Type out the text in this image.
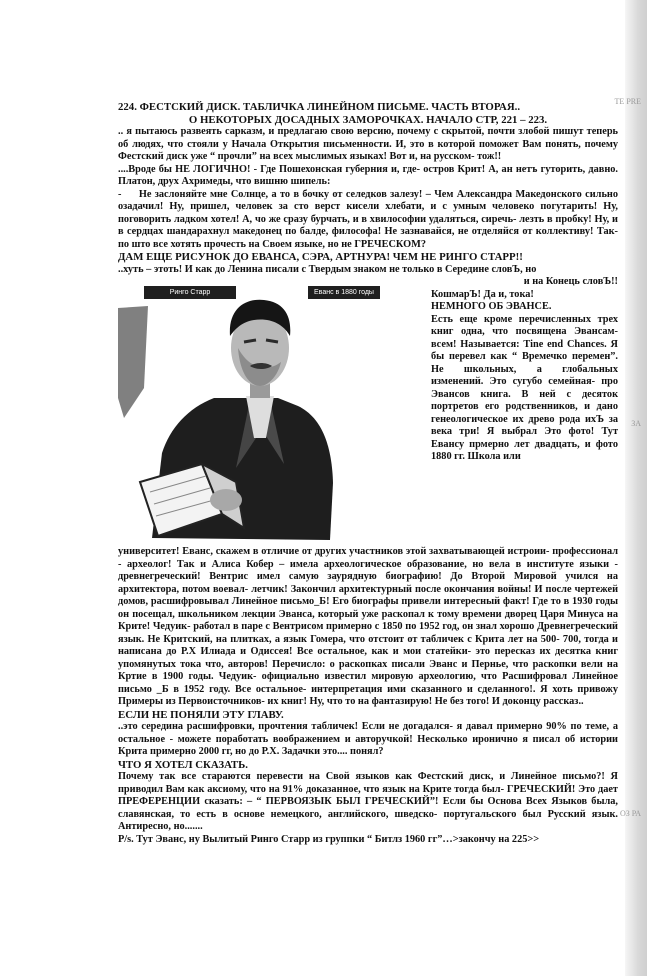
TE PRE
ЗА
ОЗ РА

224. ФЕСТСКИЙ ДИСК. ТАБЛИЧКА ЛИНЕЙНОМ ПИСЬМЕ. ЧАСТЬ ВТОРАЯ..

О НЕКОТОРЫХ ДОСАДНЫХ ЗАМОРОЧКАХ. НАЧАЛО СТР, 221 – 223.

.. я пытаюсь развеять сарказм, и предлагаю свою версию, почему с скрытой, почти злобой пишут теперь об людях, что стояли у Начала Открытия письменности. И, это в которой поможет Вам понять, почему Фестский диск уже “ прочли” на всех мыслимых языках! Вот и, на русском- тож!!

....Вроде бы НЕ ЛОГИЧНО! - Где Пошехонская губерния и, где- остров Крит! А, ан нетъ гуторить, давно. Платон, друх Ахримеды, что вишню шипель:

- Не заслоняйте мне Солнце, а то в бочку от селедков залезу! – Чем Александра Македонского сильно озадачил! Ну, пришел, человек за сто верст кисели хлебати, и с умным человеко погутарить! Ну, поговорить ладком хотел! А, чо же сразу бурчать, и в хвилософии удаляться, сиречь- лезть в пробку! Ну, и в сердцах шандарахнул македонец по балде, философа! Не зазнавайся, не отделяйся от коллективу! Так- по што все хотять прочесть на Своем языке, но не ГРЕЧЕСКОМ?

ДАМ ЕЩЕ РИСУНОК ДО ЕВАНСА, СЭРА, АРТНУРА! ЧЕМ НЕ РИНГО СТАРР!!

..хуть – этоть! И как до Ленина писали с Твердым знаком не только в Середине словЪ, но

Ринго Старр	Еванс в 1880 годы

и на Конець словЪ!!

КошмарЪ! Да и, тока!

НЕМНОГО ОБ ЭВАНСЕ.

Есть еще кроме перечисленных трех книг одна, что посвящена Эвансам- всем! Называется: Tine end Chances. Я бы перевел как “ Времечко перемен”. Не школьных, а глобальных изменений. Это сугубо семейная- про Эвансов книга. В ней с десяток портретов его родственников, и дано генеологическое их древо рода ихЪ за века три! Я выбрал Это фото! Тут Евансу прмерно лет двадцать, и фото 1880 гг. Школа или

университет! Еванс, скажем в отличие от других участников этой захватывающей истроии- профессионал - археолог! Так и Алиса Кобер – имела археологическое образование, но вела в институте языки - древнегреческий! Вентрис имел самую заурядную биографию! До Второй Мировой учился на архитектора, потом воевал- летчик! Закончил архитектурный после окончания войны! И после чертежей домов, расшифровывал Линейное письмо_Б! Его биографы привели интересный факт! Где то в 1930 годы он посещал, школьником лекции Эванса, который уже раскопал к тому времени дворец Царя Минуса на Крите! Чедуик- работал в паре с Вентрисом примерно с 1850 по 1952 год, он знал хорошо Древнегреческий язык. Не Критский, на плитках, а язык Гомера, что отстоит от табличек с Крита лет на 500- 700, тогда и написана до Р.Х Илиада и Одиссея! Все остальное, как и мои статейки- это пересказ их десятка книг упомянутых тока что, авторов! Перечисло: о раскопках писали Эванс и Пернье, что раскопки вели на Кртие в 1900 годы. Чедуик- официально известил мировую археологию, что Расшифровал Линейное письмо _Б в 1952 году. Все остальное- интерпретация ими сказанного и сделанного!. Я хоть привожу Примеры из Первоисточников- их книг! Ну, что то на фантазирую! Не без того! И доконцу рассказ..

ЕСЛИ НЕ ПОНЯЛИ ЭТУ ГЛАВУ.

..это середина расшифровки, прочтения табличек! Если не догадался- я давал примерно 90% по теме, а остальное - можете поработать воображением и авторучкой! Несколько иронично я писал об истории Крита примерно 2000 гг, но до Р.Х. Задачки это.... понял?

ЧТО Я ХОТЕЛ СКАЗАТЬ.

Почему так все стараются перевести на Свой языков как Фестский диск, и Линейное письмо?! Я приводил Вам как аксиому, что на 91% доказанное, что язык на Крите тогда был- ГРЕЧЕСКИЙ! Это дает ПРЕФЕРЕНЦИИ сказать: – “ ПЕРВОЯЗЫК БЫЛ ГРЕЧЕСКИЙ”! Если бы Основа Всех Языков была, славянская, то есть в основе немецкого, английского, шведско- португальского был Русский язык. Антиресно, но.......

P/s. Тут Эванс, ну Вылитый Ринго Старр из группки “ Битлз 1960 гг”…>закончу на 225>>
